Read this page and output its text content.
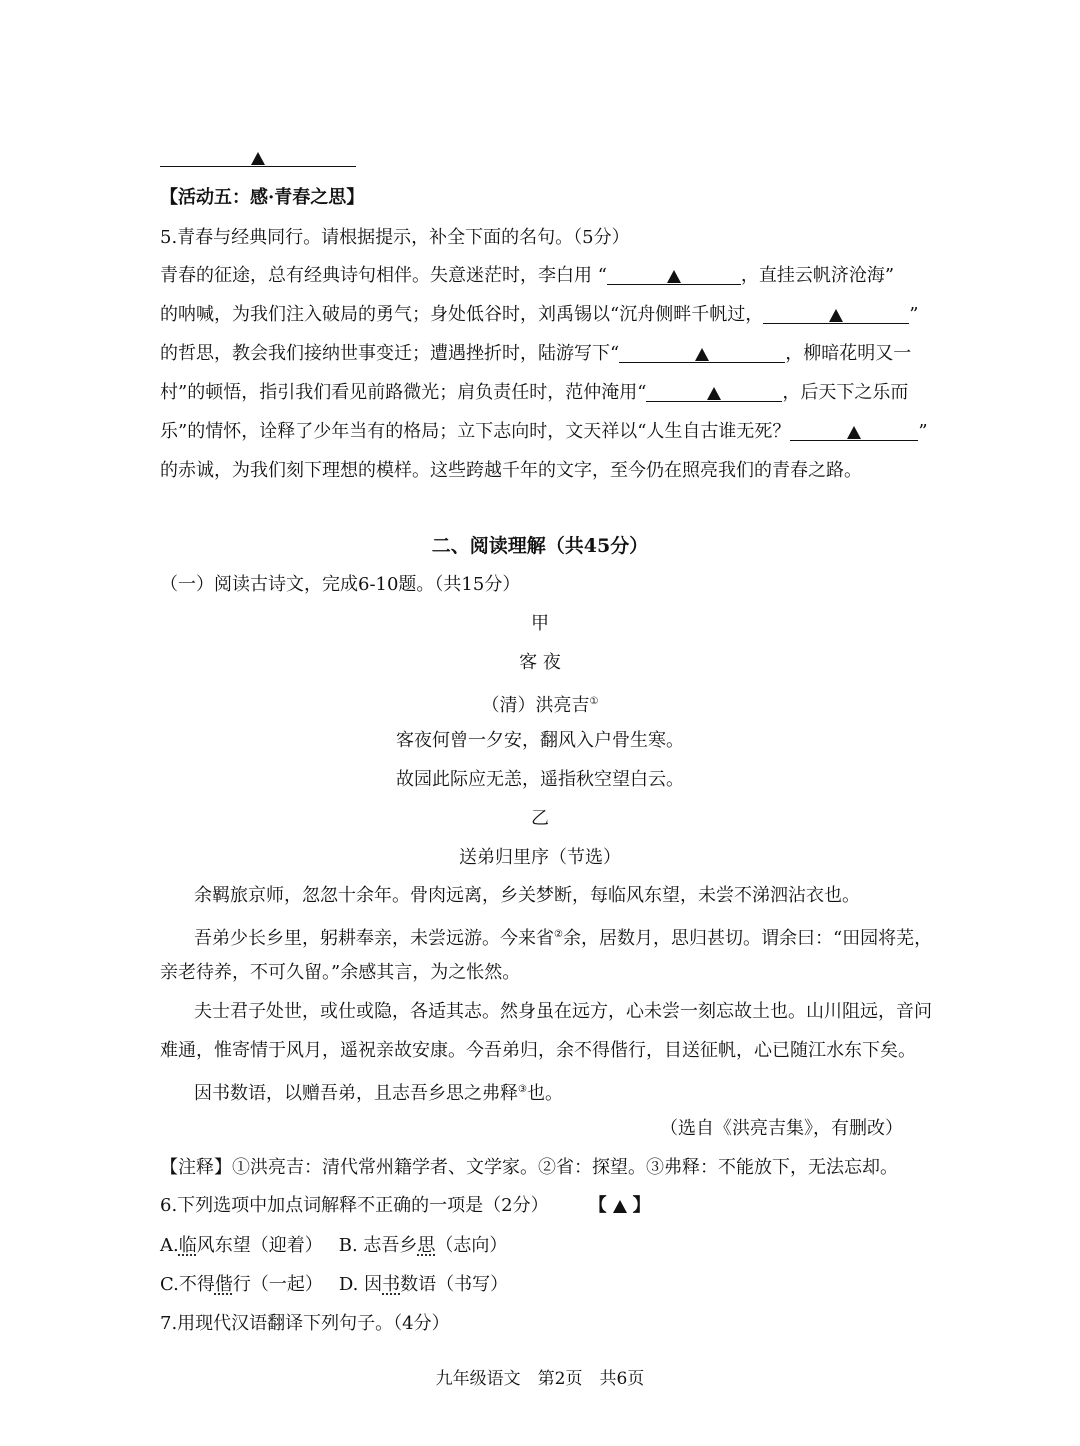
【活动五：感·青春之思】
5.青春与经典同行。请根据提示，补全下面的名句。（5分）
青春的征途，总有经典诗句相伴。失意迷茫时，李白用 “	，直挂云帆济沧海”
的呐喊，为我们注入破局的勇气；身处低谷时，刘禹锡以“沉舟侧畔千帆过，	”
的哲思，教会我们接纳世事变迁；遭遇挫折时，陆游写下“	，柳暗花明又一
村”的顿悟，指引我们看见前路微光；肩负责任时，范仲淹用“	，后天下之乐而
乐”的情怀，诠释了少年当有的格局；立下志向时，文天祥以“人生自古谁无死？	”
的赤诚，为我们刻下理想的模样。这些跨越千年的文字，至今仍在照亮我们的青春之路。
二、阅读理解（共45分）
（一）阅读古诗文，完成6-10题。（共15分）
甲
客 夜
（清）洪亮吉①
客夜何曾一夕安，翻风入户骨生寒。
故园此际应无恙，遥指秋空望白云。
乙
送弟归里序（节选）
余羁旅京师，忽忽十余年。骨肉远离，乡关梦断，每临风东望，未尝不涕泗沾衣也。
吾弟少长乡里，躬耕奉亲，未尝远游。今来省②余，居数月，思归甚切。谓余曰：“田园将芜，
亲老待养，不可久留。”余感其言，为之怅然。
夫士君子处世，或仕或隐，各适其志。然身虽在远方，心未尝一刻忘故土也。山川阻远，音问
难通，惟寄情于风月，遥祝亲故安康。今吾弟归，余不得偕行，目送征帆，心已随江水东下矣。
因书数语，以赠吾弟，且志吾乡思之弗释③也。
（选自《洪亮吉集》，有删改）
【注释】①洪亮吉：清代常州籍学者、文学家。②省：探望。③弗释：不能放下，无法忘却。
6.下列选项中加点词解释不正确的一项是（2分） 【 】
A.临风东望（迎着） B. 志吾乡思（志向）
C.不得偕行（一起） D. 因书数语（书写）
7.用现代汉语翻译下列句子。（4分）
九年级语文　第2页　共6页
